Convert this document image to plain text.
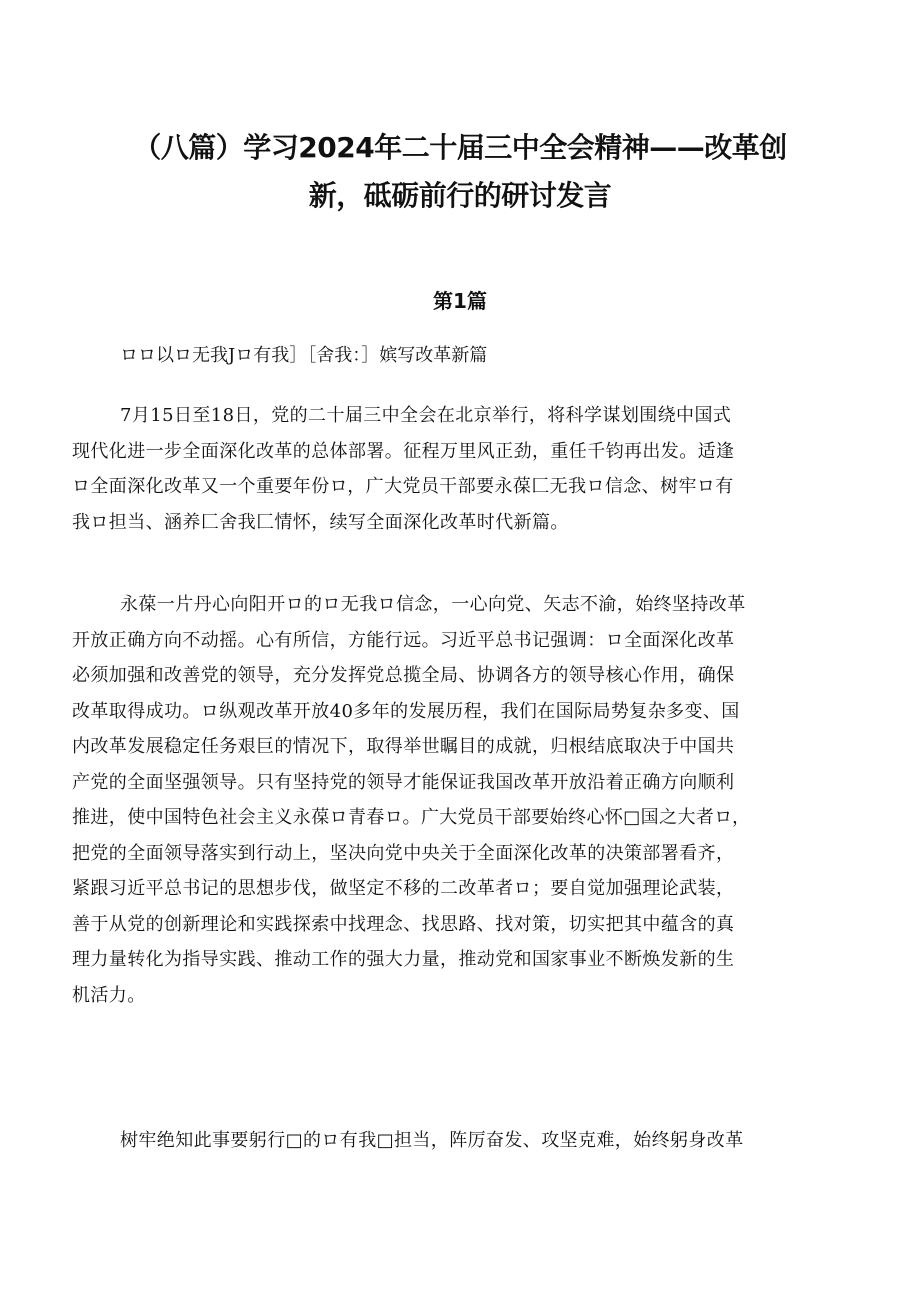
（八篇）学习2024年二十届三中全会精神——改革创
新，砥砺前行的研讨发言
第1篇

ロロ以ロ无我Jロ有我］［舍我：］嫔写改革新篇

7月15日至18日，党的二十届三中全会在北京举行，将科学谋划围绕中国式
现代化进一步全面深化改革的总体部署。征程万里风正劲，重任千钧再出发。适逢
ロ全面深化改革又一个重要年份ロ，广大党员干部要永葆匚无我ロ信念、树牢ロ有
我ロ担当、涵养匚舍我匚情怀，续写全面深化改革时代新篇。
永葆一片丹心向阳开ロ的ロ无我ロ信念，一心向党、矢志不渝，始终坚持改革
开放正确方向不动摇。心有所信，方能行远。习近平总书记强调：ロ全面深化改革
必须加强和改善党的领导，充分发挥党总揽全局、协调各方的领导核心作用，确保
改革取得成功。ロ纵观改革开放40多年的发展历程，我们在国际局势复杂多变、国
内改革发展稳定任务艰巨的情况下，取得举世瞩目的成就，归根结底取决于中国共
产党的全面坚强领导。只有坚持党的领导才能保证我国改革开放沿着正确方向顺利
推进，使中国特色社会主义永葆ロ青春ロ。广大党员干部要始终心怀□国之大者ロ，
把党的全面领导落实到行动上，坚决向党中央关于全面深化改革的决策部署看齐，
紧跟习近平总书记的思想步伐，做坚定不移的二改革者ロ；要自觉加强理论武装，
善于从党的创新理论和实践探索中找理念、找思路、找对策，切实把其中蕴含的真
理力量转化为指导实践、推动工作的强大力量，推动党和国家事业不断焕发新的生
机活力。
树牢绝知此事要躬行□的ロ有我□担当，阵厉奋发、攻坚克难，始终躬身改革
